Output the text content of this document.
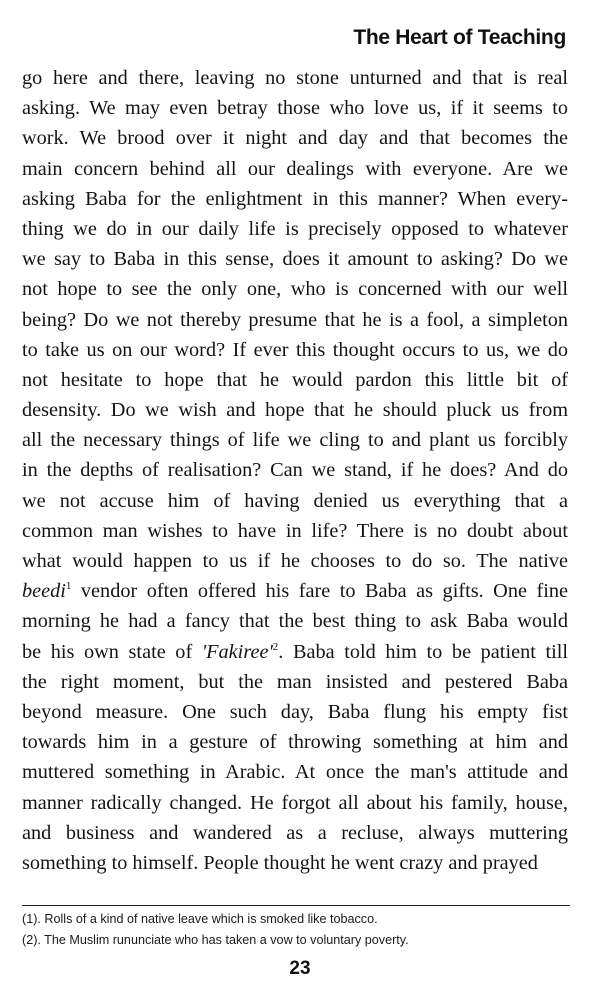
The Heart of Teaching
go here and there, leaving no stone unturned and that is real
asking. We may even betray those who love us, if it seems to
work. We brood over it night and day and that becomes the
main concern behind all our dealings with everyone. Are we
asking Baba for the enlightment in this manner? When every-
thing we do in our daily life is precisely opposed to whatever
we say to Baba in this sense, does it amount to asking? Do we
not hope to see the only one, who is concerned with our well
being? Do we not thereby presume that he is a fool, a simpleton
to take us on our word? If ever this thought occurs to us, we do
not hesitate to hope that he would pardon this little bit of
desensity. Do we wish and hope that he should pluck us from
all the necessary things of life we cling to and plant us forcibly
in the depths of realisation? Can we stand, if he does? And do
we not accuse him of having denied us everything that a
common man wishes to have in life? There is no doubt about
what would happen to us if he chooses to do so. The native
beedi$^1$ vendor often offered his fare to Baba as gifts. One fine
morning he had a fancy that the best thing to ask Baba would
be his own state of '$Fakiree'^2$. Baba told him to be patient till
the right moment, but the man insisted and pestered Baba
beyond measure. One such day, Baba flung his empty fist
towards him in a gesture of throwing something at him and
muttered something in Arabic. At once the man's attitude and
manner radically changed. He forgot all about his family, house,
and business and wandered as a recluse, always muttering
something to himself. People thought he went crazy and prayed
(1). Rolls of a kind of native leave which is smoked like tobacco.
(2). The Muslim rununciate who has taken a vow to voluntary poverty.
23
